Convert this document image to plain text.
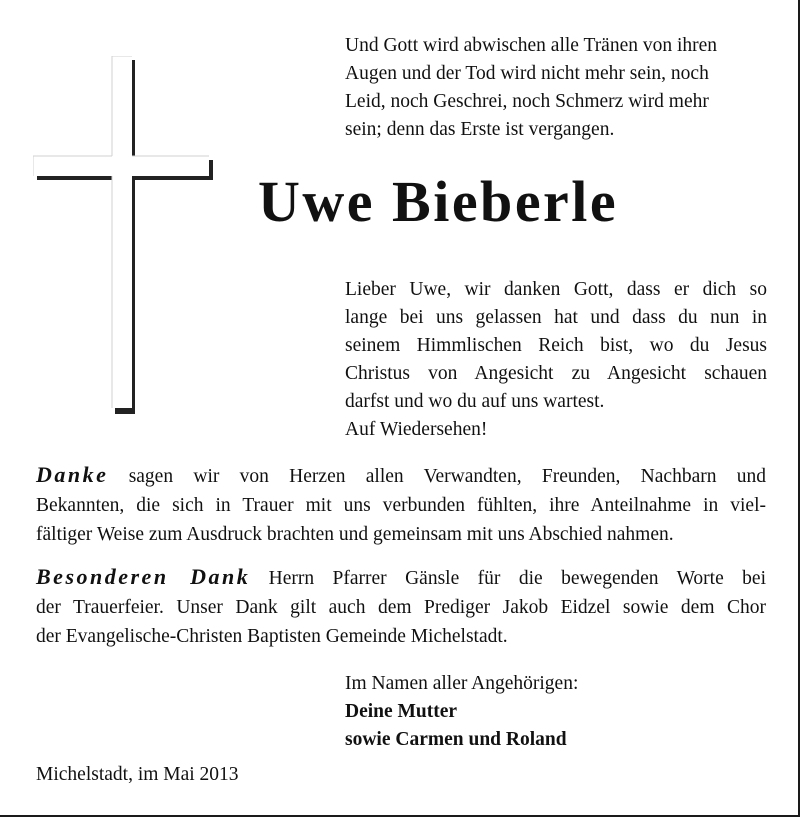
Und Gott wird abwischen alle Tränen von ihren
Augen und der Tod wird nicht mehr sein, noch
Leid, noch Geschrei, noch Schmerz wird mehr
sein; denn das Erste ist vergangen.
Uwe Bieberle
Lieber Uwe, wir danken Gott, dass er dich so
lange bei uns gelassen hat und dass du nun in
seinem Himmlischen Reich bist, wo du Jesus
Christus von Angesicht zu Angesicht schauen
darfst und wo du auf uns wartest.
Auf Wiedersehen!
Danke sagen wir von Herzen allen Verwandten, Freunden, Nachbarn und
Bekannten, die sich in Trauer mit uns verbunden fühlten, ihre Anteilnahme in viel-
fältiger Weise zum Ausdruck brachten und gemeinsam mit uns Abschied nahmen.
Besonderen Dank Herrn Pfarrer Gänsle für die bewegenden Worte bei
der Trauerfeier. Unser Dank gilt auch dem Prediger Jakob Eidzel sowie dem Chor
der Evangelische-Christen Baptisten Gemeinde Michelstadt.
Im Namen aller Angehörigen:
Deine Mutter
sowie Carmen und Roland
Michelstadt, im Mai 2013
